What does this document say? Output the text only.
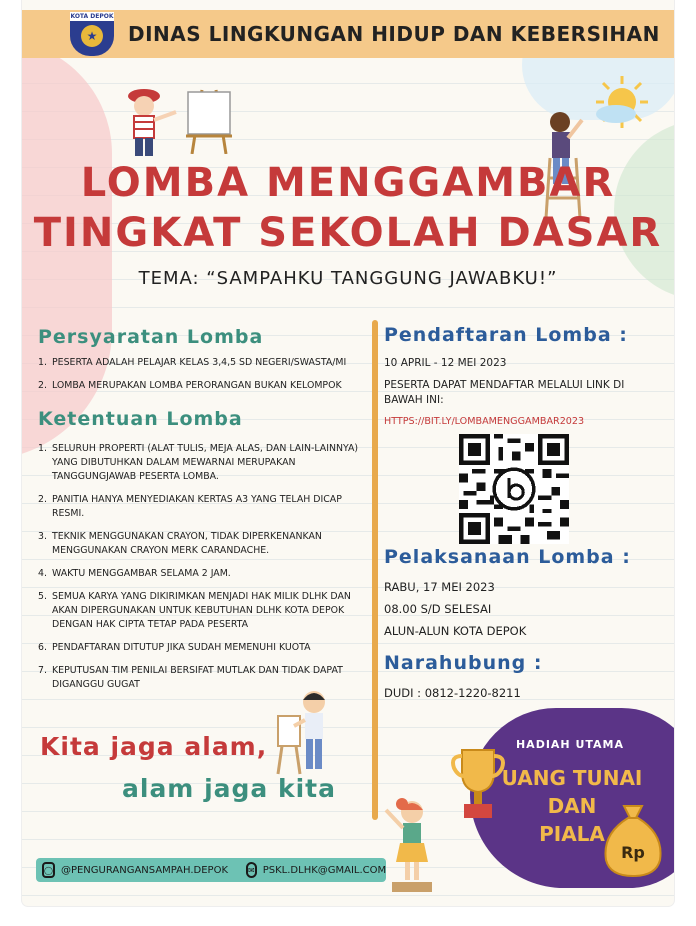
KOTA DEPOK
★ DINAS LINGKUNGAN HIDUP DAN KEBERSIHAN
LOMBA MENGGAMBAR
TINGKAT SEKOLAH DASAR
TEMA: “SAMPAHKU TANGGUNG JAWABKU!”
Persyaratan Lomba
1. PESERTA ADALAH PELAJAR KELAS 3,4,5 SD NEGERI/SWASTA/MI
2. LOMBA MERUPAKAN LOMBA PERORANGAN BUKAN KELOMPOK
Ketentuan Lomba
1. SELURUH PROPERTI (ALAT TULIS, MEJA ALAS, DAN LAIN-LAINNYA) YANG DIBUTUHKAN DALAM MEWARNAI MERUPAKAN TANGGUNGJAWAB PESERTA LOMBA.
2. PANITIA HANYA MENYEDIAKAN KERTAS A3 YANG TELAH DICAP RESMI.
3. TEKNIK MENGGUNAKAN CRAYON, TIDAK DIPERKENANKAN MENGGUNAKAN CRAYON MERK CARANDACHE.
4. WAKTU MENGGAMBAR SELAMA 2 JAM.
5. SEMUA KARYA YANG DIKIRIMKAN MENJADI HAK MILIK DLHK DAN AKAN DIPERGUNAKAN UNTUK KEBUTUHAN DLHK KOTA DEPOK DENGAN HAK CIPTA TETAP PADA PESERTA
6. PENDAFTARAN DITUTUP JIKA SUDAH MEMENUHI KUOTA
7. KEPUTUSAN TIM PENILAI BERSIFAT MUTLAK DAN TIDAK DAPAT DIGANGGU GUGAT
Pendaftaran Lomba :
10 APRIL - 12 MEI 2023
PESERTA DAPAT MENDAFTAR MELALUI LINK DI BAWAH INI:
HTTPS://BIT.LY/LOMBAMENGGAMBAR2023
Pelaksanaan Lomba :
RABU, 17 MEI 2023
08.00 S/D SELESAI
ALUN-ALUN KOTA DEPOK
Narahubung :
DUDI : 0812-1220-8211
Kita jaga alam,
alam jaga kita
◯ @PENGURANGANSAMPAH.DEPOK	✉ PSKL.DLHK@GMAIL.COM
HADIAH UTAMA
UANG TUNAI
DAN
PIALA
Rp
